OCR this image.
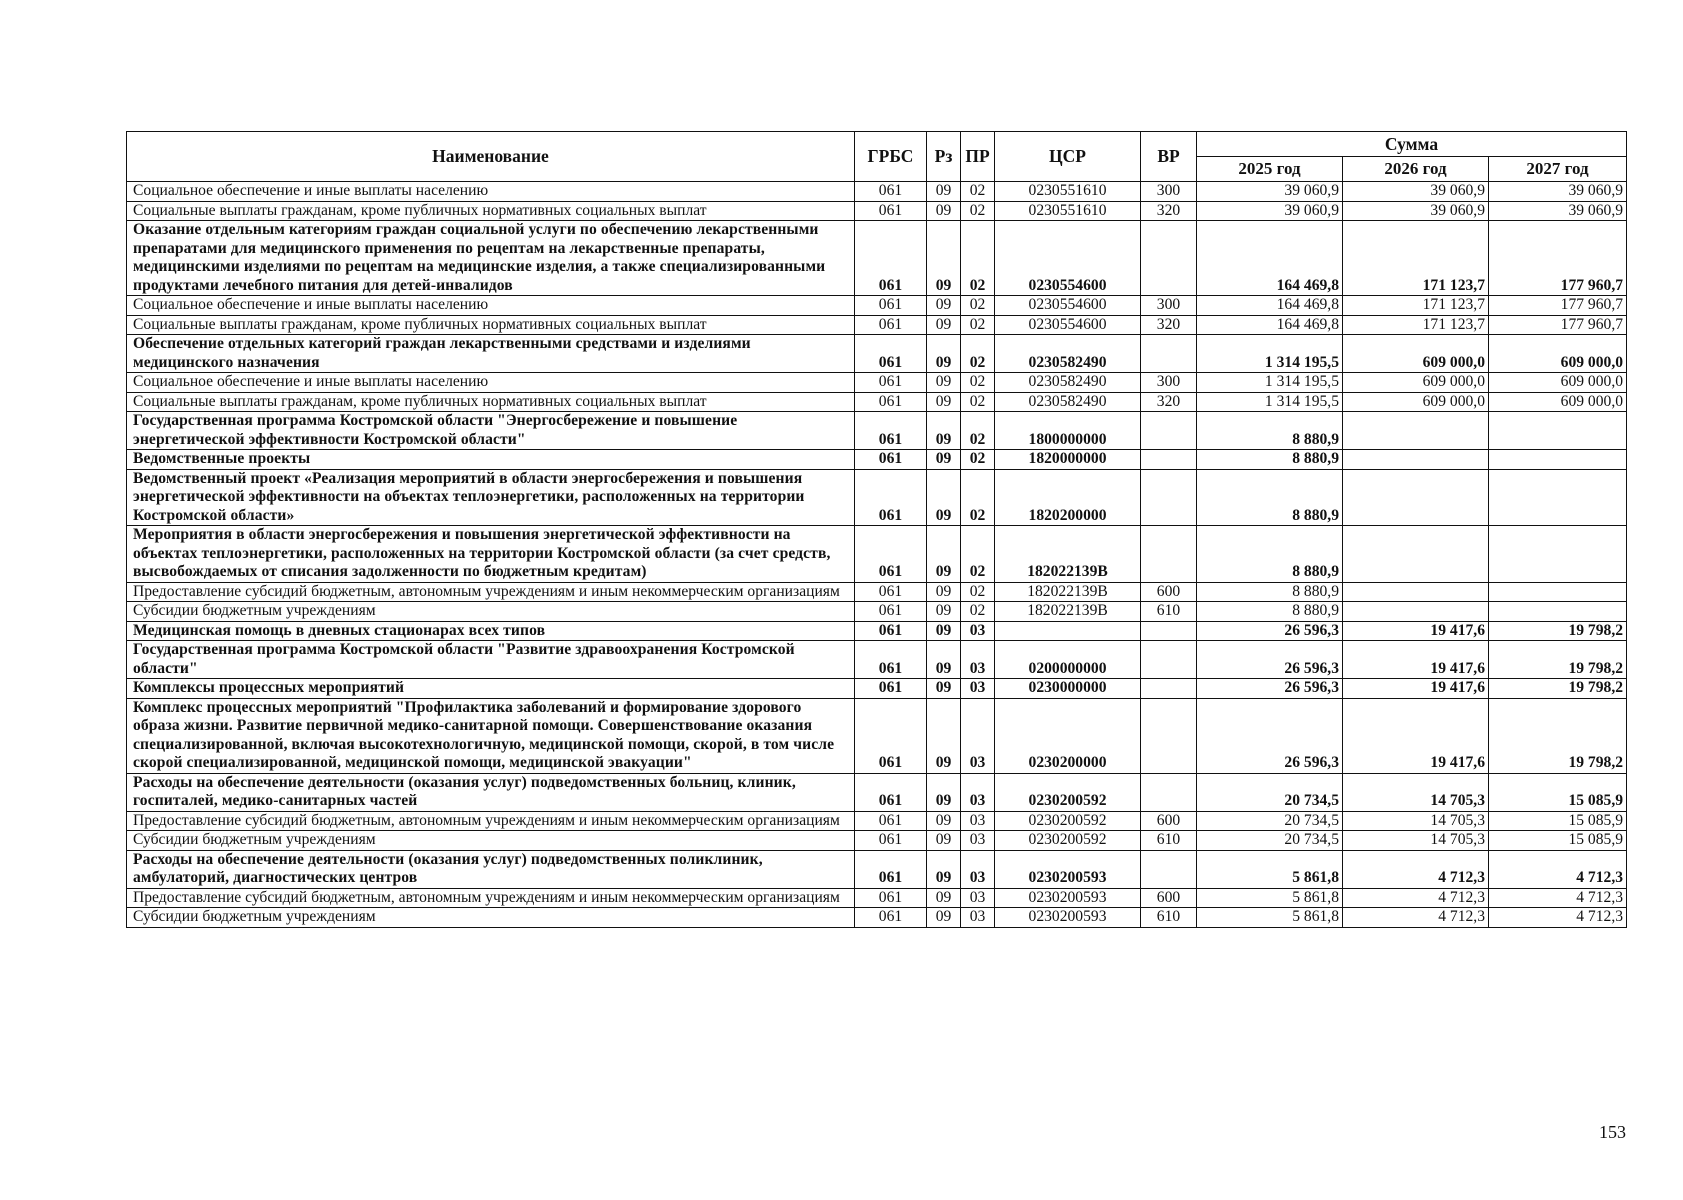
Наименование	ГРБС	Рз	ПР	ЦСР	ВР	Сумма		
						2025 год	2026 год	2027 год
Социальное обеспечение и иные выплаты населению	061	09	02	0230551610	300	39 060,9	39 060,9	39 060,9
Социальные выплаты гражданам, кроме публичных нормативных социальных выплат	061	09	02	0230551610	320	39 060,9	39 060,9	39 060,9
Оказание отдельным категориям граждан социальной услуги по обеспечению лекарственными препаратами для медицинского применения по рецептам на лекарственные препараты, медицинскими изделиями по рецептам на медицинские изделия, а также специализированными продуктами лечебного питания для детей-инвалидов	061	09	02	0230554600		164 469,8	171 123,7	177 960,7
Социальное обеспечение и иные выплаты населению	061	09	02	0230554600	300	164 469,8	171 123,7	177 960,7
Социальные выплаты гражданам, кроме публичных нормативных социальных выплат	061	09	02	0230554600	320	164 469,8	171 123,7	177 960,7
Обеспечение отдельных категорий граждан лекарственными средствами и изделиями медицинского назначения	061	09	02	0230582490		1 314 195,5	609 000,0	609 000,0
Социальное обеспечение и иные выплаты населению	061	09	02	0230582490	300	1 314 195,5	609 000,0	609 000,0
Социальные выплаты гражданам, кроме публичных нормативных социальных выплат	061	09	02	0230582490	320	1 314 195,5	609 000,0	609 000,0
Государственная программа Костромской области "Энергосбережение и повышение энергетической эффективности Костромской области"	061	09	02	1800000000		8 880,9		
Ведомственные проекты	061	09	02	1820000000		8 880,9		
Ведомственный проект «Реализация мероприятий в области энергосбережения и повышения энергетической эффективности на объектах теплоэнергетики, расположенных на территории Костромской области»	061	09	02	1820200000		8 880,9		
Мероприятия в области энергосбережения и повышения энергетической эффективности на объектах теплоэнергетики, расположенных на территории Костромской области (за счет средств, высвобождаемых от списания задолженности по бюджетным кредитам)	061	09	02	182022139В		8 880,9		
Предоставление субсидий бюджетным, автономным учреждениям и иным некоммерческим организациям	061	09	02	182022139В	600	8 880,9		
Субсидии бюджетным учреждениям	061	09	02	182022139В	610	8 880,9		
Медицинская помощь в дневных стационарах всех типов	061	09	03			26 596,3	19 417,6	19 798,2
Государственная программа Костромской области "Развитие здравоохранения Костромской области"	061	09	03	0200000000		26 596,3	19 417,6	19 798,2
Комплексы процессных мероприятий	061	09	03	0230000000		26 596,3	19 417,6	19 798,2
Комплекс процессных мероприятий "Профилактика заболеваний и формирование здорового образа жизни. Развитие первичной медико-санитарной помощи. Совершенствование оказания специализированной, включая высокотехнологичную, медицинской помощи, скорой, в том числе скорой специализированной, медицинской помощи, медицинской эвакуации"	061	09	03	0230200000		26 596,3	19 417,6	19 798,2
Расходы на обеспечение деятельности (оказания услуг) подведомственных больниц, клиник, госпиталей, медико-санитарных частей	061	09	03	0230200592		20 734,5	14 705,3	15 085,9
Предоставление субсидий бюджетным, автономным учреждениям и иным некоммерческим организациям	061	09	03	0230200592	600	20 734,5	14 705,3	15 085,9
Субсидии бюджетным учреждениям	061	09	03	0230200592	610	20 734,5	14 705,3	15 085,9
Расходы на обеспечение деятельности (оказания услуг) подведомственных поликлиник, амбулаторий, диагностических центров	061	09	03	0230200593		5 861,8	4 712,3	4 712,3
Предоставление субсидий бюджетным, автономным учреждениям и иным некоммерческим организациям	061	09	03	0230200593	600	5 861,8	4 712,3	4 712,3
Субсидии бюджетным учреждениям	061	09	03	0230200593	610	5 861,8	4 712,3	4 712,3
153
